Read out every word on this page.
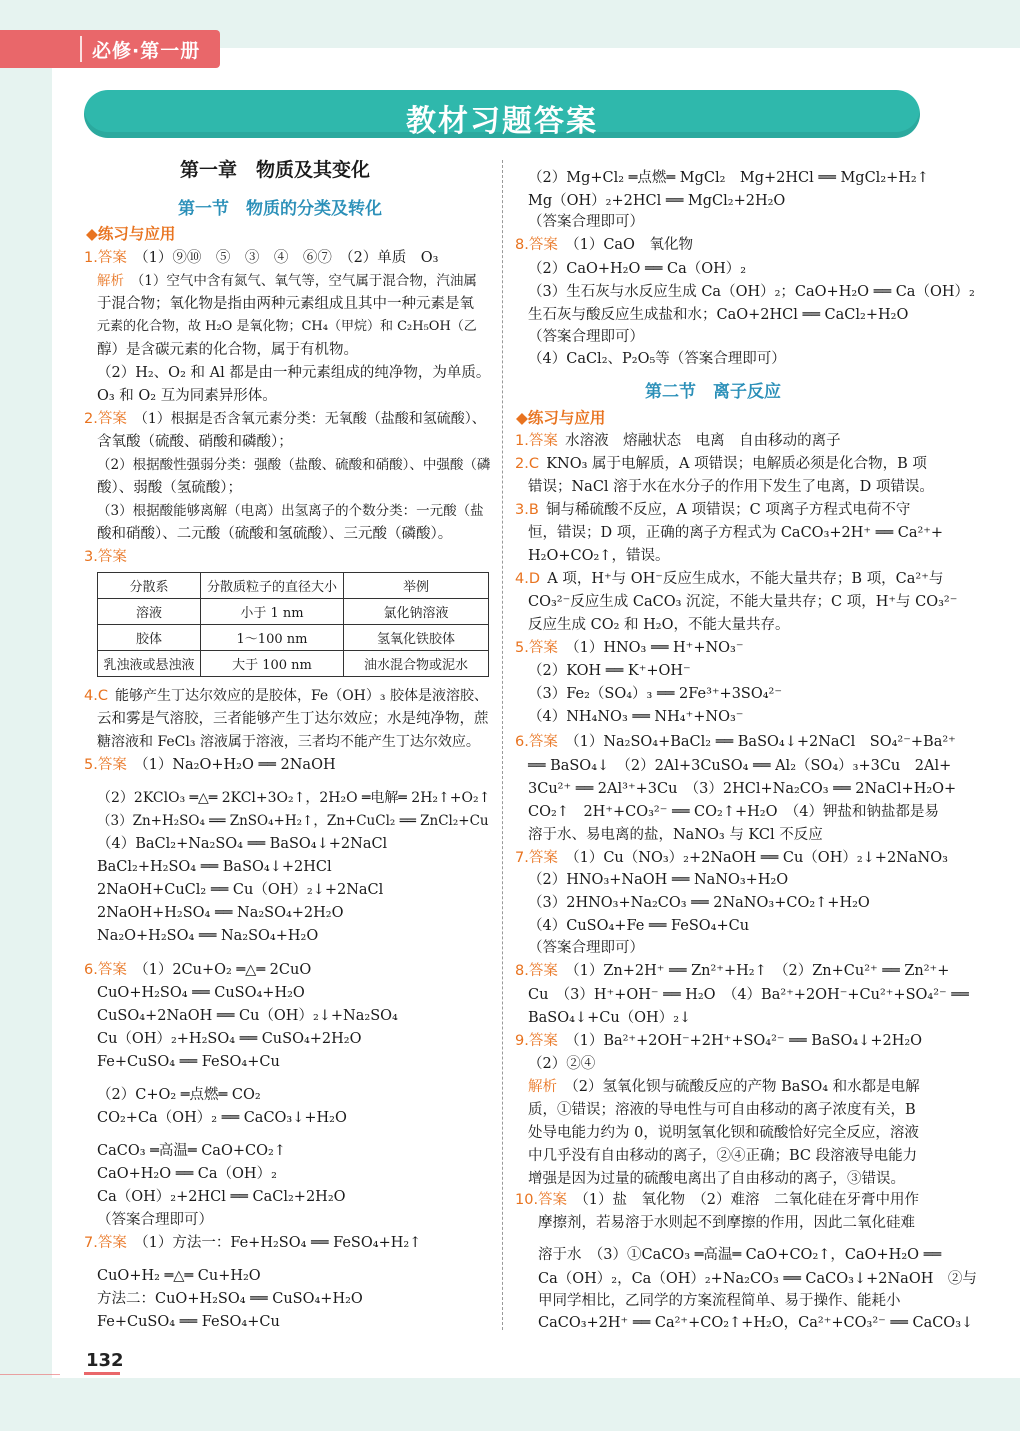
必修·第一册
教材习题答案
第一章　物质及其变化
第一节　物质的分类及转化
◆练习与应用
1.答案  （1）⑨⑩　⑤　③　④　⑥⑦　（2）单质　O₃
解析  （1）空气中含有氮气、氧气等，空气属于混合物，汽油属
于混合物；氧化物是指由两种元素组成且其中一种元素是氧
元素的化合物，故 H₂O 是氧化物；CH₄（甲烷）和 C₂H₅OH（乙
醇）是含碳元素的化合物，属于有机物。
（2）H₂、O₂ 和 Al 都是由一种元素组成的纯净物，为单质。
O₃ 和 O₂ 互为同素异形体。
2.答案  （1）根据是否含氧元素分类：无氧酸（盐酸和氢硫酸）、
含氧酸（硫酸、硝酸和磷酸）；
（2）根据酸性强弱分类：强酸（盐酸、硫酸和硝酸）、中强酸（磷
酸）、弱酸（氢硫酸）；
（3）根据酸能够离解（电离）出氢离子的个数分类：一元酸（盐
酸和硝酸）、二元酸（硫酸和氢硫酸）、三元酸（磷酸）。
3.答案 
4.C  能够产生丁达尔效应的是胶体，Fe（OH）₃ 胶体是液溶胶、
云和雾是气溶胶，三者能够产生丁达尔效应；水是纯净物，蔗
糖溶液和 FeCl₃ 溶液属于溶液，三者均不能产生丁达尔效应。
5.答案  （1）Na₂O+H₂O ══ 2NaOH
（2）2KClO₃ ═△═ 2KCl+3O₂↑，2H₂O ═电解═ 2H₂↑+O₂↑
（3）Zn+H₂SO₄ ══ ZnSO₄+H₂↑，Zn+CuCl₂ ══ ZnCl₂+Cu
（4）BaCl₂+Na₂SO₄ ══ BaSO₄↓+2NaCl
BaCl₂+H₂SO₄ ══ BaSO₄↓+2HCl
2NaOH+CuCl₂ ══ Cu（OH）₂↓+2NaCl
2NaOH+H₂SO₄ ══ Na₂SO₄+2H₂O
Na₂O+H₂SO₄ ══ Na₂SO₄+H₂O
6.答案  （1）2Cu+O₂ ═△═ 2CuO
CuO+H₂SO₄ ══ CuSO₄+H₂O
CuSO₄+2NaOH ══ Cu（OH）₂↓+Na₂SO₄
Cu（OH）₂+H₂SO₄ ══ CuSO₄+2H₂O
Fe+CuSO₄ ══ FeSO₄+Cu
（2）C+O₂ ═点燃═ CO₂
CO₂+Ca（OH）₂ ══ CaCO₃↓+H₂O
CaCO₃ ═高温═ CaO+CO₂↑
CaO+H₂O ══ Ca（OH）₂
Ca（OH）₂+2HCl ══ CaCl₂+2H₂O
（答案合理即可）
7.答案  （1）方法一：Fe+H₂SO₄ ══ FeSO₄+H₂↑
CuO+H₂ ═△═ Cu+H₂O
方法二：CuO+H₂SO₄ ══ CuSO₄+H₂O
Fe+CuSO₄ ══ FeSO₄+Cu
（2）Mg+Cl₂ ═点燃═ MgCl₂　Mg+2HCl ══ MgCl₂+H₂↑
Mg（OH）₂+2HCl ══ MgCl₂+2H₂O
（答案合理即可）
8.答案  （1）CaO　氧化物
（2）CaO+H₂O ══ Ca（OH）₂
（3）生石灰与水反应生成 Ca（OH）₂；CaO+H₂O ══ Ca（OH）₂
生石灰与酸反应生成盐和水；CaO+2HCl ══ CaCl₂+H₂O
（答案合理即可）
（4）CaCl₂、P₂O₅等（答案合理即可）
第二节　离子反应
◆练习与应用
1.答案  水溶液　熔融状态　电离　自由移动的离子
2.C  KNO₃ 属于电解质，A 项错误；电解质必须是化合物，B 项
错误；NaCl 溶于水在水分子的作用下发生了电离，D 项错误。
3.B  铜与稀硫酸不反应，A 项错误；C 项离子方程式电荷不守
恒，错误；D 项，正确的离子方程式为 CaCO₃+2H⁺ ══ Ca²⁺+
H₂O+CO₂↑，错误。
4.D  A 项，H⁺与 OH⁻反应生成水，不能大量共存；B 项，Ca²⁺与
CO₃²⁻反应生成 CaCO₃ 沉淀，不能大量共存；C 项，H⁺与 CO₃²⁻
反应生成 CO₂ 和 H₂O，不能大量共存。
5.答案  （1）HNO₃ ══ H⁺+NO₃⁻
（2）KOH ══ K⁺+OH⁻
（3）Fe₂（SO₄）₃ ══ 2Fe³⁺+3SO₄²⁻
（4）NH₄NO₃ ══ NH₄⁺+NO₃⁻
6.答案  （1）Na₂SO₄+BaCl₂ ══ BaSO₄↓+2NaCl　SO₄²⁻+Ba²⁺
══ BaSO₄↓　（2）2Al+3CuSO₄ ══ Al₂（SO₄）₃+3Cu　2Al+
3Cu²⁺ ══ 2Al³⁺+3Cu　（3）2HCl+Na₂CO₃ ══ 2NaCl+H₂O+
CO₂↑　2H⁺+CO₃²⁻ ══ CO₂↑+H₂O　（4）钾盐和钠盐都是易
溶于水、易电离的盐，NaNO₃ 与 KCl 不反应
7.答案  （1）Cu（NO₃）₂+2NaOH ══ Cu（OH）₂↓+2NaNO₃
（2）HNO₃+NaOH ══ NaNO₃+H₂O
（3）2HNO₃+Na₂CO₃ ══ 2NaNO₃+CO₂↑+H₂O
（4）CuSO₄+Fe ══ FeSO₄+Cu
（答案合理即可）
8.答案  （1）Zn+2H⁺ ══ Zn²⁺+H₂↑　（2）Zn+Cu²⁺ ══ Zn²⁺+
Cu　（3）H⁺+OH⁻ ══ H₂O　（4）Ba²⁺+2OH⁻+Cu²⁺+SO₄²⁻ ══
BaSO₄↓+Cu（OH）₂↓
9.答案  （1）Ba²⁺+2OH⁻+2H⁺+SO₄²⁻ ══ BaSO₄↓+2H₂O
（2）②④
解析  （2）氢氧化钡与硫酸反应的产物 BaSO₄ 和水都是电解
质，①错误；溶液的导电性与可自由移动的离子浓度有关，B
处导电能力约为 0，说明氢氧化钡和硫酸恰好完全反应，溶液
中几乎没有自由移动的离子，②④正确；BC 段溶液导电能力
增强是因为过量的硫酸电离出了自由移动的离子，③错误。
10.答案  （1）盐　氧化物　（2）难溶　二氧化硅在牙膏中用作
摩擦剂，若易溶于水则起不到摩擦的作用，因此二氧化硅难
溶于水　（3）①CaCO₃ ═高温═ CaO+CO₂↑，CaO+H₂O ══
Ca（OH）₂，Ca（OH）₂+Na₂CO₃ ══ CaCO₃↓+2NaOH　②与
甲同学相比，乙同学的方案流程简单、易于操作、能耗小
CaCO₃+2H⁺ ══ Ca²⁺+CO₂↑+H₂O，Ca²⁺+CO₃²⁻ ══ CaCO₃↓
分散系	分散质粒子的直径大小	举例
溶液	小于 1 nm	氯化钠溶液
胶体	1～100 nm	氢氧化铁胶体
乳浊液或悬浊液	大于 100 nm	油水混合物或泥水
132
